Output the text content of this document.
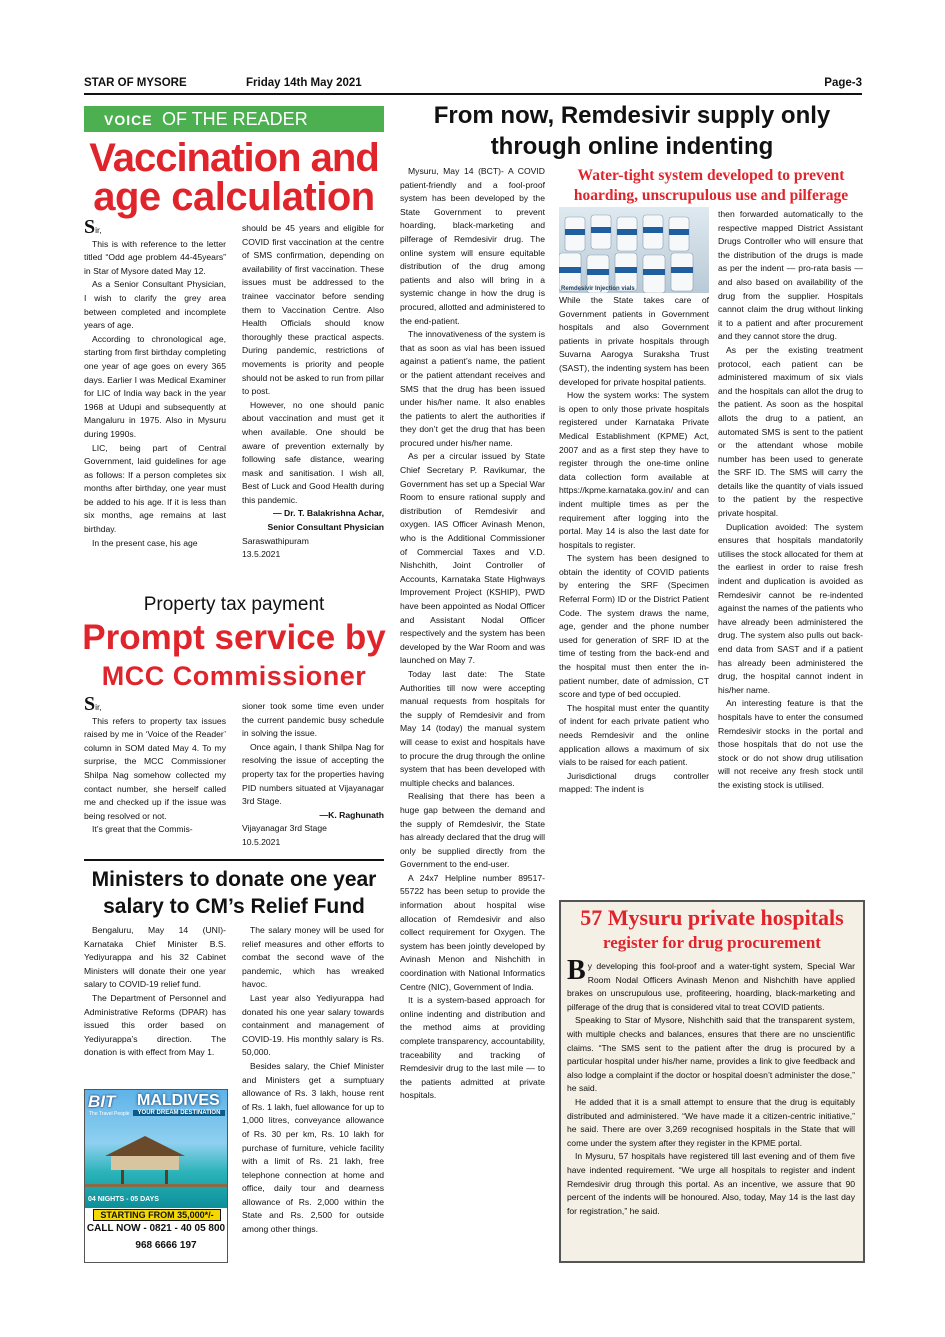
STAR OF MYSORE	Friday 14th May 2021	Page-3
VOICE OF THE READER
Vaccination and
age calculation

Sir,

This is with reference to the letter titled “Odd age problem 44-45years” in Star of Mysore dated May 12.

As a Senior Consultant Physician, I wish to clarify the grey area between completed and incomplete years of age.

According to chronological age, starting from first birthday completing one year of age goes on every 365 days. Earlier I was Medical Examiner for LIC of India way back in the year 1968 at Udupi and subsequently at Mangaluru in 1975. Also in Mysuru during 1990s.

LIC, being part of Central Government, laid guidelines for age as follows: If a person completes six months after birthday, one year must be added to his age. If it is less than six months, age remains at last birthday.

In the present case, his age

should be 45 years and eligible for COVID first vaccination at the centre of SMS confirmation, depending on availability of first vaccination. These issues must be addressed to the trainee vaccinator before sending them to Vaccination Centre. Also Health Officials should know thoroughly these practical aspects. During pandemic, restrictions of movements is priority and people should not be asked to run from pillar to post.

However, no one should panic about vaccination and must get it when available. One should be aware of prevention externally by following safe distance, wearing mask and sanitisation. I wish all, Best of Luck and Good Health during this pandemic.

— Dr. T. Balakrishna Achar,

Senior Consultant Physician

Saraswathipuram

13.5.2021

Property tax payment
Prompt service by
MCC Commissioner

Sir,

This refers to property tax issues raised by me in ‘Voice of the Reader’ column in SOM dated May 4. To my surprise, the MCC Commissioner Shilpa Nag somehow collected my contact number, she herself called me and checked up if the issue was being resolved or not.

It’s great that the Commis-

sioner took some time even under the current pandemic busy schedule in solving the issue.

Once again, I thank Shilpa Nag for resolving the issue of accepting the property tax for the properties having PID numbers situated at Vijayanagar 3rd Stage.

—K. Raghunath

Vijayanagar 3rd Stage

10.5.2021

Ministers to donate one year
salary to CM’s Relief Fund

Bengaluru, May 14 (UNI)- Karnataka Chief Minister B.S. Yediyurappa and his 32 Cabinet Ministers will donate their one year salary to COVID-19 relief fund.

The Department of Personnel and Administrative Reforms (DPAR) has issued this order based on Yediyurappa’s direction. The donation is with effect from May 1.

The salary money will be used for relief measures and other efforts to combat the second wave of the pandemic, which has wreaked havoc.

Last year also Yediyurappa had donated his one year salary towards containment and management of COVID-19. His monthly salary is Rs. 50,000.

Besides salary, the Chief Minister and Ministers get a sumptuary allowance of Rs. 3 lakh, house rent of Rs. 1 lakh, fuel allowance for up to 1,000 litres, conveyance allowance of Rs. 30 per km, Rs. 10 lakh for purchase of furniture, vehicle facility with a limit of Rs. 21 lakh, free telephone connection at home and office, daily tour and dearness allowance of Rs. 2,000 within the State and Rs. 2,500 for outside among other things.

BIT
The Travel People
MALDIVES
YOUR DREAM DESTINATION
04 NIGHTS - 05 DAYS
STARTING FROM 35,000*/-
CALL NOW - 0821 - 40 05 800
968 6666 197
From now, Remdesivir supply only
through online indenting

Mysuru, May 14 (BCT)- A COVID patient-friendly and a fool-proof system has been developed by the State Government to prevent hoarding, black-marketing and pilferage of Remdesivir drug. The online system will ensure equitable distribution of the drug among patients and also will bring in a systemic change in how the drug is procured, allotted and administered to the end-patient.

The innovativeness of the system is that as soon as vial has been issued against a patient’s name, the patient or the patient attendant receives and SMS that the drug has been issued under his/her name. It also enables the patients to alert the authorities if they don’t get the drug that has been procured under his/her name.

As per a circular issued by State Chief Secretary P. Ravikumar, the Government has set up a Special War Room to ensure rational supply and distribution of Remdesivir and oxygen. IAS Officer Avinash Menon, who is the Additional Commissioner of Commercial Taxes and V.D. Nishchith, Joint Controller of Accounts, Karnataka State Highways Improvement Project (KSHIP), PWD have been appointed as Nodal Officer and Assistant Nodal Officer respectively and the system has been developed by the War Room and was launched on May 7.

Today last date: The State Authorities till now were accepting manual requests from hospitals for the supply of Remdesivir and from May 14 (today) the manual system will cease to exist and hospitals have to procure the drug through the online system that has been developed with multiple checks and balances.

Realising that there has been a huge gap between the demand and the supply of Remdesivir, the State has already declared that the drug will only be supplied directly from the Government to the end-user.

A 24x7 Helpline number 89517-55722 has been setup to provide the information about hospital wise allocation of Remdesivir and also collect requirement for Oxygen. The system has been jointly developed by Avinash Menon and Nishchith in coordination with National Informatics Centre (NIC), Government of India.

It is a system-based approach for online indenting and distribution and the method aims at providing complete transparency, accountability, traceability and tracking of Remdesivir drug to the last mile — to the patients admitted at private hospitals.

Water-tight system developed to prevent
hoarding, unscrupulous use and pilferage
Remdesivir Injection vials

While the State takes care of Government patients in Government hospitals and also Government patients in private hospitals through Suvarna Aarogya Suraksha Trust (SAST), the indenting system has been developed for private hospital patients.

How the system works: The system is open to only those private hospitals registered under Karnataka Private Medical Establishment (KPME) Act, 2007 and as a first step they have to register through the one-time online data collection form available at https://kpme.karnataka.gov.in/ and can indent multiple times as per the requirement after logging into the portal. May 14 is also the last date for hospitals to register.

The system has been designed to obtain the identity of COVID patients by entering the SRF (Specimen Referral Form) ID or the District Patient Code. The system draws the name, age, gender and the phone number used for generation of SRF ID at the time of testing from the back-end and the hospital must then enter the in-patient number, date of admission, CT score and type of bed occupied.

The hospital must enter the quantity of indent for each private patient who needs Remdesivir and the online application allows a maximum of six vials to be raised for each patient.

Jurisdictional drugs controller mapped: The indent is

then forwarded automatically to the respective mapped District Assistant Drugs Controller who will ensure that the distribution of the drugs is made as per the indent — pro-rata basis — and also based on availability of the drug from the supplier. Hospitals cannot claim the drug without linking it to a patient and after procurement and they cannot store the drug.

As per the existing treatment protocol, each patient can be administered maximum of six vials and the hospitals can allot the drug to the patient. As soon as the hospital allots the drug to a patient, an automated SMS is sent to the patient or the attendant whose mobile number has been used to generate the SRF ID. The SMS will carry the details like the quantity of vials issued to the patient by the respective private hospital.

Duplication avoided: The system ensures that hospitals mandatorily utilises the stock allocated for them at the earliest in order to raise fresh indent and duplication is avoided as Remdesivir cannot be re-indented against the names of the patients who have already been administered the drug. The system also pulls out back-end data from SAST and if a patient has already been administered the drug, the hospital cannot indent in his/her name.

An interesting feature is that the hospitals have to enter the consumed Remdesivir stocks in the portal and those hospitals that do not use the stock or do not show drug utilisation will not receive any fresh stock until the existing stock is utilised.

57 Mysuru private hospitals
register for drug procurement

By developing this fool-proof and a water-tight system, Special War Room Nodal Officers Avinash Menon and Nishchith have applied brakes on unscrupulous use, profiteering, hoarding, black-marketing and pilferage of the drug that is considered vital to treat COVID patients.

Speaking to Star of Mysore, Nishchith said that the transparent system, with multiple checks and balances, ensures that there are no unscientific claims. “The SMS sent to the patient after the drug is procured by a particular hospital under his/her name, provides a link to give feedback and also lodge a complaint if the doctor or hospital doesn’t administer the dose,” he said.

He added that it is a small attempt to ensure that the drug is equitably distributed and administered. “We have made it a citizen-centric initiative,” he said. There are over 3,269 recognised hospitals in the State that will come under the system after they register in the KPME portal.

In Mysuru, 57 hospitals have registered till last evening and of them five have indented requirement. “We urge all hospitals to register and indent Remdesivir drug through this portal. As an incentive, we assure that 90 percent of the indents will be honoured. Also, today, May 14 is the last day for registration,” he said.
